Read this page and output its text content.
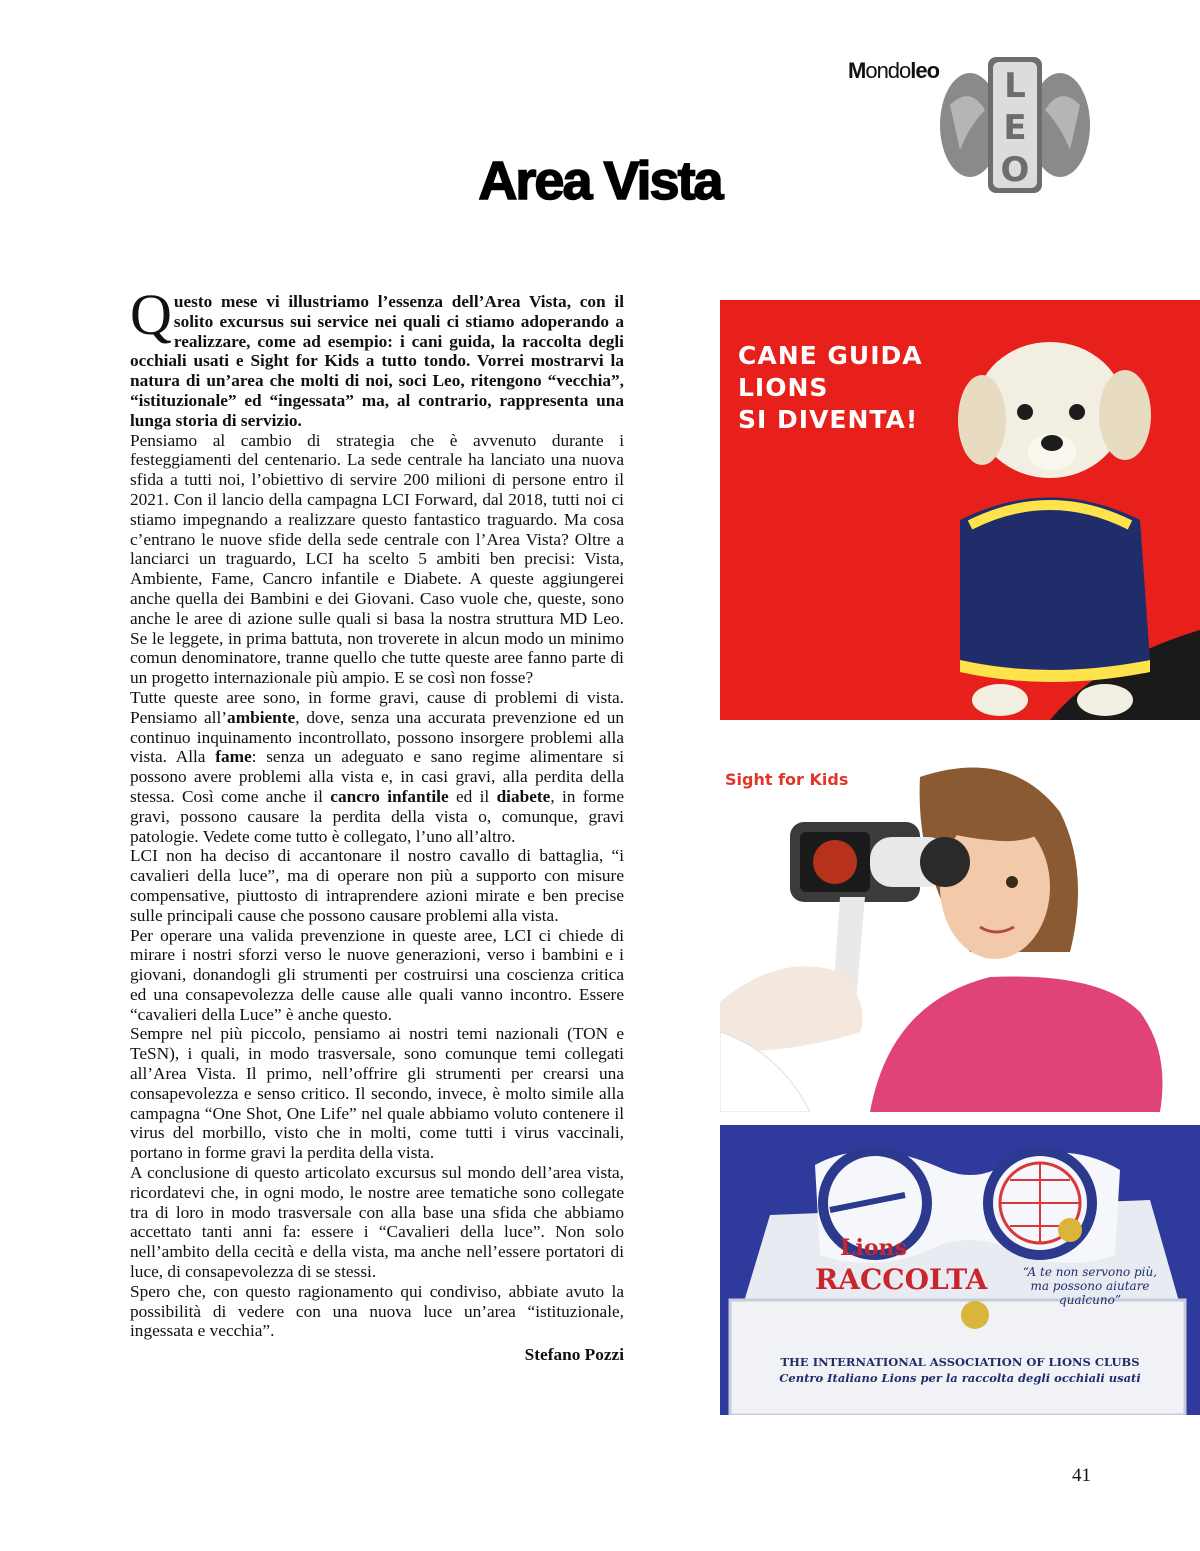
Mondoleo L
E
O
Area Vista

Questo mese vi illustriamo l’essenza dell’Area Vista, con il solito excursus sui service nei quali ci stiamo adoperando a realizzare, come ad esempio: i cani guida, la raccolta degli occhiali usati e Sight for Kids a tutto tondo. Vorrei mostrarvi la natura di un’area che molti di noi, soci Leo, ritengono “vecchia”, “istituzionale” ed “ingessata” ma, al contrario, rappresenta una lunga storia di servizio.

Pensiamo al cambio di strategia che è avvenuto durante i festeggiamenti del centenario. La sede centrale ha lanciato una nuova sfida a tutti noi, l’obiettivo di servire 200 milioni di persone entro il 2021. Con il lancio della campagna LCI Forward, dal 2018, tutti noi ci stiamo impegnando a realizzare questo fantastico traguardo. Ma cosa c’entrano le nuove sfide della sede centrale con l’Area Vista? Oltre a lanciarci un traguardo, LCI ha scelto 5 ambiti ben precisi: Vista, Ambiente, Fame, Cancro infantile e Diabete. A queste aggiungerei anche quella dei Bambini e dei Giovani. Caso vuole che, queste, sono anche le aree di azione sulle quali si basa la nostra struttura MD Leo. Se le leggete, in prima battuta, non troverete in alcun modo un minimo comun denominatore, tranne quello che tutte queste aree fanno parte di un progetto internazionale più ampio. E se così non fosse?

Tutte queste aree sono, in forme gravi, cause di problemi di vista. Pensiamo all’ambiente, dove, senza una accurata prevenzione ed un continuo inquinamento incontrollato, possono insorgere problemi alla vista. Alla fame: senza un adeguato e sano regime alimentare si possono avere problemi alla vista e, in casi gravi, alla perdita della stessa. Così come anche il cancro infantile ed il diabete, in forme gravi, possono causare la perdita della vista o, comunque, gravi patologie. Vedete come tutto è collegato, l’uno all’altro.

LCI non ha deciso di accantonare il nostro cavallo di battaglia, “i cavalieri della luce”, ma di operare non più a supporto con misure compensative, piuttosto di intraprendere azioni mirate e ben precise sulle principali cause che possono causare problemi alla vista.

Per operare una valida prevenzione in queste aree, LCI ci chiede di mirare i nostri sforzi verso le nuove generazioni, verso i bambini e i giovani, donandogli gli strumenti per costruirsi una coscienza critica ed una consapevolezza delle cause alle quali vanno incontro. Essere “cavalieri della Luce” è anche questo.

Sempre nel più piccolo, pensiamo ai nostri temi nazionali (TON e TeSN), i quali, in modo trasversale, sono comunque temi collegati all’Area Vista. Il primo, nell’offrire gli strumenti per crearsi una consapevolezza e senso critico. Il secondo, invece, è molto simile alla campagna “One Shot, One Life” nel quale abbiamo voluto contenere il virus del morbillo, visto che in molti, come tutti i virus vaccinali, portano in forme gravi la perdita della vista.

A conclusione di questo articolato excursus sul mondo dell’area vista, ricordatevi che, in ogni modo, le nostre aree tematiche sono collegate tra di loro in modo trasversale con alla base una sfida che abbiamo accettato tanti anni fa: essere i “Cavalieri della luce”. Non solo nell’ambito della cecità e della vista, ma anche nell’essere portatori di luce, di consapevolezza di se stessi.

Spero che, con questo ragionamento qui condiviso, abbiate avuto la possibilità di vedere con una nuova luce un’area “istituzionale, ingessata e vecchia”.

Stefano Pozzi

CANE GUIDA
LIONS
SI DIVENTA!
Sight for Kids
Lions
RACCOLTA	“A te non servono più, ma possono aiutare qualcuno”
THE INTERNATIONAL ASSOCIATION OF LIONS CLUBS
Centro Italiano Lions per la raccolta degli occhiali usati
41
